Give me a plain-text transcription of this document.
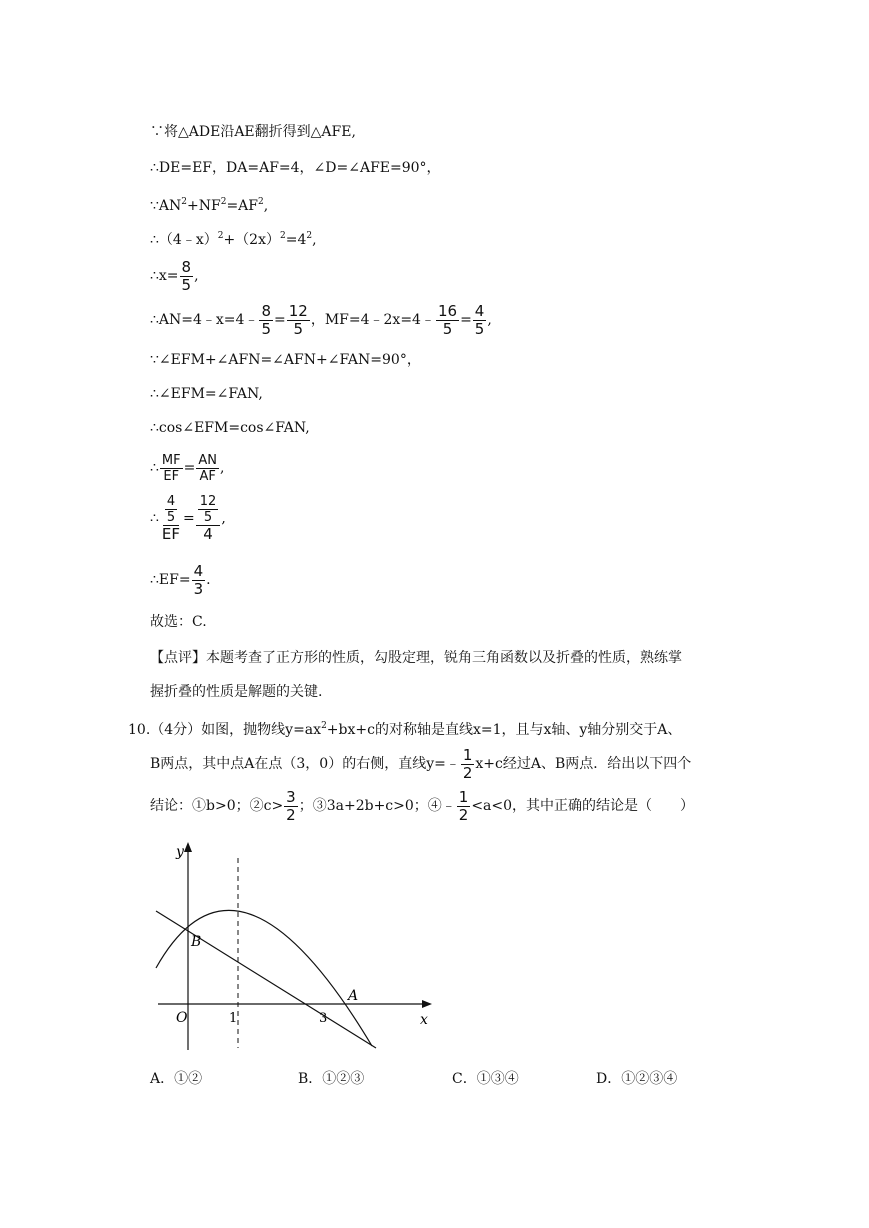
∵将△ADE沿AE翻折得到△AFE,
∴DE=EF，DA=AF=4，∠D=∠AFE=90°，
$\because AN^2+NF^2=AF^2$,
$\therefore(4﹣x)^2+(2x)^2=4^2$,
∴x= $\frac{8}{5}$ ,
∴AN=4﹣x=4﹣ $\frac{8}{5} = \frac{12}{5}$ ，MF=4﹣2x=4﹣ $\frac{16}{5} = \frac{4}{5}$ ,
∵∠EFM+∠AFN=∠AFN+∠FAN=90°，
∴∠EFM=∠FAN,
∴cos∠EFM=cos∠FAN,
∴ $\frac{MF}{EF} = \frac{AN}{AF}$ ,
∴ $\frac{\frac{4}{5}}{EF} = \frac{\frac{12}{5}}{4}$ ,
∴EF= $\frac{4}{3}$ .
故选：C.
【点评】本题考查了正方形的性质，勾股定理，锐角三角函数以及折叠的性质，熟练掌
握折叠的性质是解题的关键.
10.（4分）如图，抛物线$y=ax^2+bx+c$的对称轴是直线x=1，且与x轴、y轴分别交于A、
B两点，其中点A在点（3，0）的右侧，直线y=﹣ $\frac{1}{2} x+c$经过A、B两点．给出以下四个
结论：①b>0；②c> $\frac{3}{2}$ ；③3a+2b+c>0；④﹣ $\frac{1}{2} <a<0$，其中正确的结论是（　　）
y
x
O	1	3
A
B
A．①②	B．①②③	C．①③④	D．①②③④
